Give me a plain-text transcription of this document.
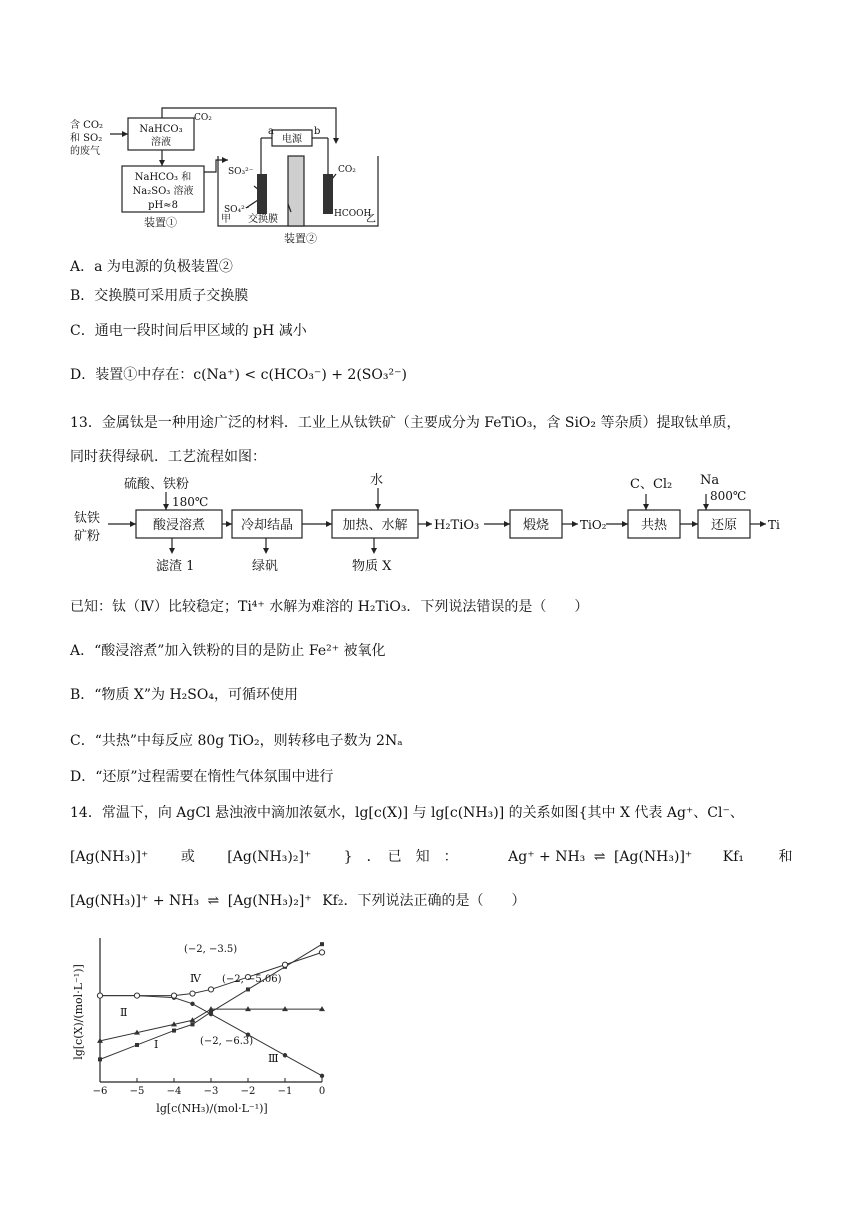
含 CO₂
和 SO₂
的废气
NaHCO₃
溶液
CO₂
NaHCO₃ 和
Na₂SO₃ 溶液
pH≈8
电源
a	b
SO₃²⁻
SO₄²⁻
CO₂
HCOOH
甲 交换膜	乙
装置①
装置②
A．a 为电源的负极装置②
B．交换膜可采用质子交换膜
C．通电一段时间后甲区域的 pH 减小
D．装置①中存在：c(Na⁺) < c(HCO₃⁻) + 2(SO₃²⁻)
13．金属钛是一种用途广泛的材料．工业上从钛铁矿（主要成分为 FeTiO₃，含 SiO₂ 等杂质）提取钛单质，
同时获得绿矾．工艺流程如图：
钛铁
矿粉
硫酸、铁粉
180℃
酸浸溶煮
滤渣 1
冷却结晶
绿矾
水
加热、水解
物质 X
H₂TiO₃	煅烧	TiO₂
C、Cl₂
共热
Na
800℃
还原	Ti
已知：钛（Ⅳ）比较稳定；Ti⁴⁺ 水解为难溶的 H₂TiO₃．下列说法错误的是（　　）
A．“酸浸溶煮”加入铁粉的目的是防止 Fe²⁺ 被氧化
B．“物质 X”为 H₂SO₄，可循环使用
C．“共热”中每反应 80g TiO₂，则转移电子数为 2Nₐ
D．“还原”过程需要在惰性气体氛围中进行
14．常温下，向 AgCl 悬浊液中滴加浓氨水，lg[c(X)] 与 lg[c(NH₃)] 的关系如图{其中 X 代表 Ag⁺、Cl⁻、
[Ag(NH₃)]⁺ 或 [Ag(NH₃)₂]⁺ }　．　已　知　：	Ag⁺ + NH₃ ⇌ [Ag(NH₃)]⁺ Kf₁ 和
[Ag(NH₃)]⁺ + NH₃ ⇌ [Ag(NH₃)₂]⁺ Kf₂．下列说法正确的是（　　）
−6 −5 −4 −3 −2 −1	0
lg[c(X)/(mol·L⁻¹)]
lg[c(NH₃)/(mol·L⁻¹)]
(−2, −3.5)
(−2, −5.06)
(−2, −6.3)
Ⅱ
Ⅰ
Ⅲ
Ⅳ
